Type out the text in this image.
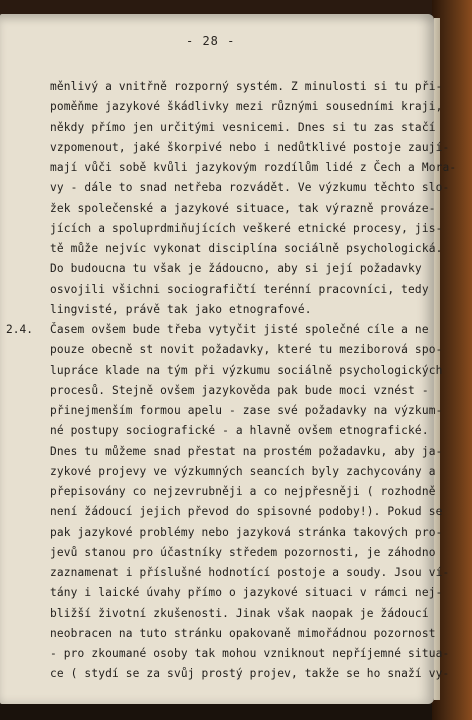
- 28 -
2.4.
měnlivý a vnitřně rozporný systém. Z minulosti si tu při-
poměňme jazykové škádlivky mezi různými sousedními kraji,
někdy přímo jen určitými vesnicemi. Dnes si tu zas stačí
vzpomenout, jaké škorpivé nebo i nedůtklivé postoje zaují-
mají vůči sobě kvůli jazykovým rozdílům lidé z Čech a Mora-
vy - dále to snad netřeba rozvádět. Ve výzkumu těchto slo-
žek společenské a jazykové situace, tak výrazně provázе-
jících a spoluprdmiňujících veškeré etnické procesy, jis-
tě může nejvíc vykonat disciplína sociálně psychologická.
Do budoucna tu však je žádoucno, aby si její požadavky
osvojili všichni sociografičtí terénní pracovníci, tedy
lingvisté, právě tak jako etnografové.
Časem ovšem bude třeba vytyčit jisté společné cíle a ne
pouze obecně st novit požadavky, které tu meziborová spo-
lupráce klade na tým při výzkumu sociálně psychologických
procesů. Stejně ovšem jazykověda pak bude moci vznést -
přinejmenším formou apelu - zase své požadavky na výzkum-
né postupy sociografické - a hlavně ovšem etnografické.
Dnes tu můžeme snad přestat na prostém požadavku, aby ja-
zykové projevy ve výzkumných seancích byly zachycovány a
přepisovány co nejzevrubněji a co nejpřesněji ( rozhodně
není žádoucí jejich převod do spisovné podoby!). Pokud se
pak jazykové problémy nebo jazyková stránka takových pro-
jevů stanou pro účastníky středem pozornosti, je záhodno
zaznamenat i příslušné hodnotící postoje a soudy. Jsou ví-
tány i laické úvahy přímo o jazykové situaci v rámci nej-
bližší životní zkušenosti. Jinak však naopak je žádoucí
neobracen na tuto stránku opakovaně mimořádnou pozornost
- pro zkoumané osoby tak mohou vzniknout nepříjemné situa-
ce ( stydí se za svůj prostý projev, takže se ho snaží vy-
